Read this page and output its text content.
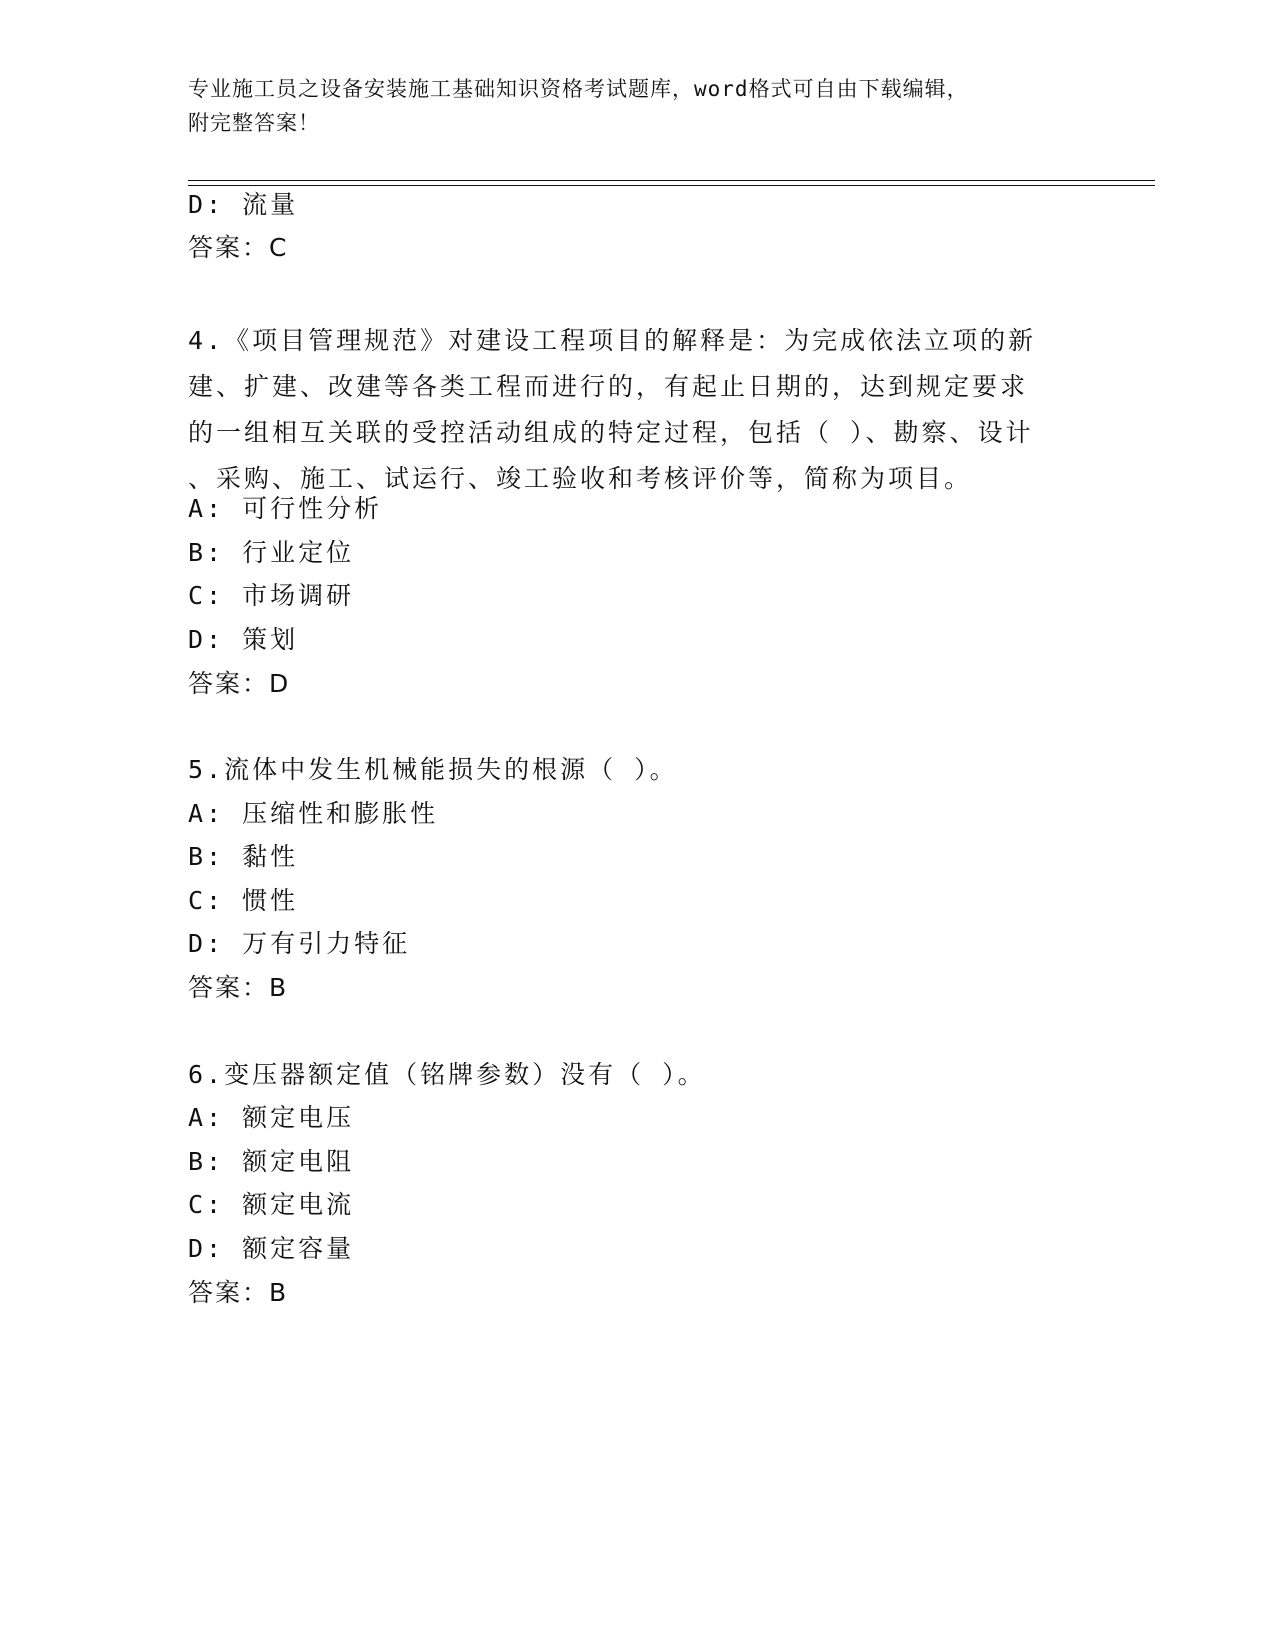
专业施工员之设备安装施工基础知识资格考试题库，word格式可自由下载编辑，
附完整答案！
D: 流量
答案：C
4.《项目管理规范》对建设工程项目的解释是：为完成依法立项的新
建、扩建、改建等各类工程而进行的，有起止日期的，达到规定要求
的一组相互关联的受控活动组成的特定过程，包括（ ）、勘察、设计
、采购、施工、试运行、竣工验收和考核评价等，简称为项目。
A: 可行性分析
B: 行业定位
C: 市场调研
D: 策划
答案：D
5.流体中发生机械能损失的根源（ ）。
A: 压缩性和膨胀性
B: 黏性
C: 惯性
D: 万有引力特征
答案：B
6.变压器额定值（铭牌参数）没有（ ）。
A: 额定电压
B: 额定电阻
C: 额定电流
D: 额定容量
答案：B
